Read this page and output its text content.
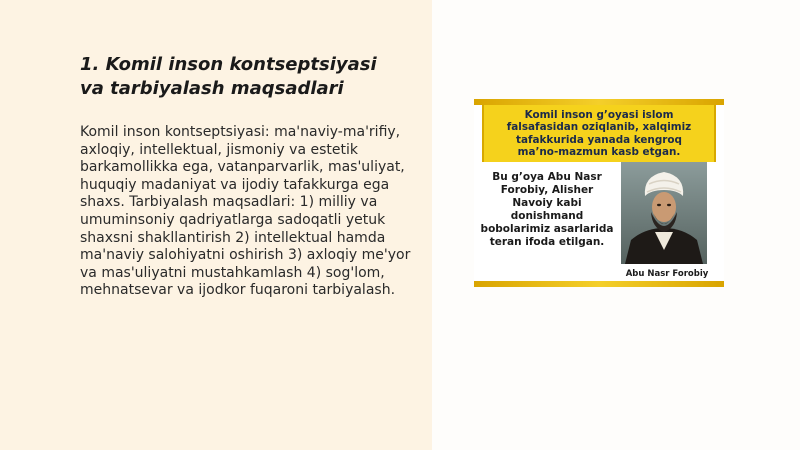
1. Komil inson kontseptsiyasi va tarbiyalash maqsadlari

Komil inson kontseptsiyasi: ma'naviy-ma'rifiy, axloqiy, intellektual, jismoniy va estetik barkamollikka ega, vatanparvarlik, mas'uliyat, huquqiy madaniyat va ijodiy tafakkurga ega shaxs. Tarbiyalash maqsadlari: 1) milliy va umuminsoniy qadriyatlarga sadoqatli yetuk shaxsni shakllantirish 2) intellektual hamda ma'naviy salohiyatni oshirish 3) axloqiy me'yor va mas'uliyatni mustahkamlash 4) sog'lom, mehnatsevar va ijodkor fuqaroni tarbiyalash.

Komil inson g’oyasi islom falsafasidan oziqlanib, xalqimiz tafakkurida yanada kengroq ma’no-mazmun kasb etgan.
Bu g’oya Abu Nasr Forobiy, Alisher Navoiy kabi donishmand bobolarimiz asarlarida teran ifoda etilgan.
Abu Nasr Forobiy
